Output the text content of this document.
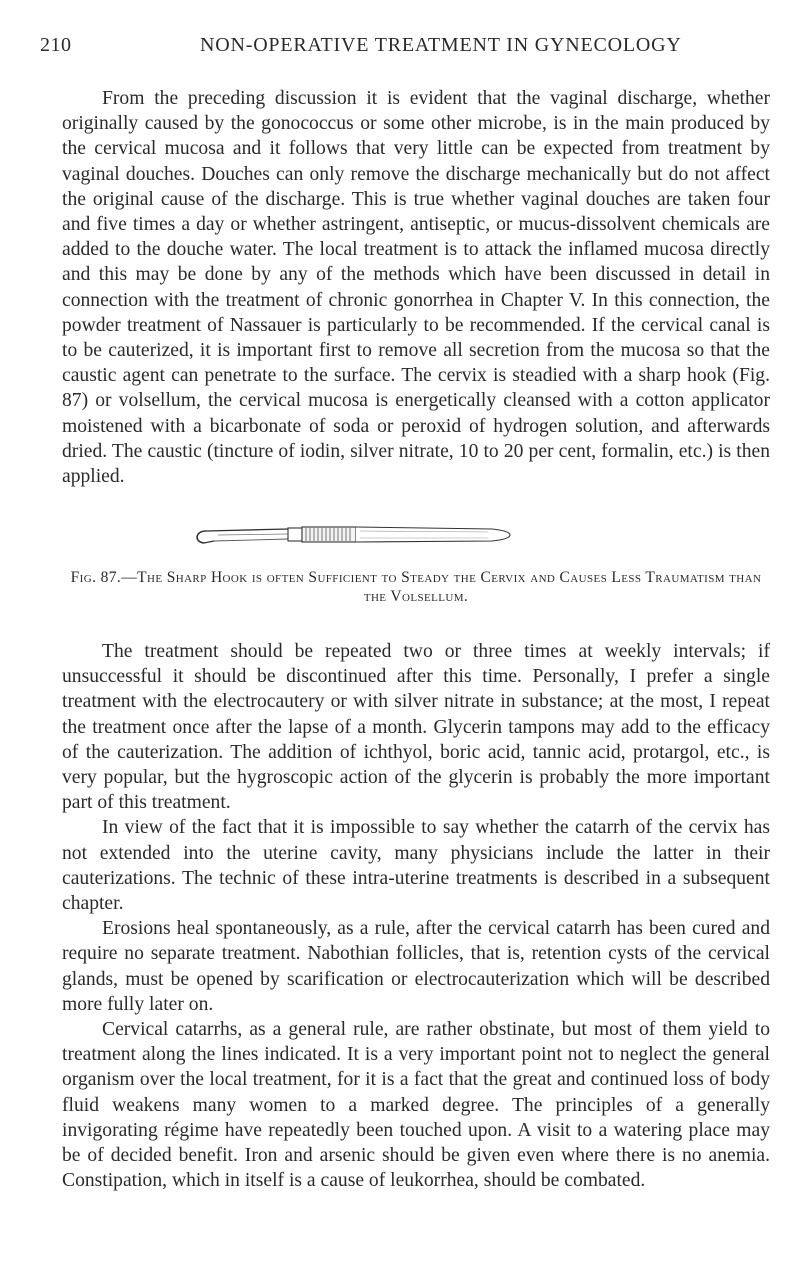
210	NON-OPERATIVE TREATMENT IN GYNECOLOGY

From the preceding discussion it is evident that the vaginal discharge, whether originally caused by the gonococcus or some other microbe, is in the main produced by the cervical mucosa and it follows that very little can be expected from treatment by vaginal douches. Douches can only remove the discharge mechanically but do not affect the original cause of the discharge. This is true whether vaginal douches are taken four and five times a day or whether astringent, antiseptic, or mucus-dissolvent chemicals are added to the douche water. The local treatment is to attack the inflamed mucosa directly and this may be done by any of the methods which have been discussed in detail in connection with the treatment of chronic gonorrhea in Chapter V. In this connection, the powder treatment of Nassauer is particularly to be recommended. If the cervical canal is to be cauterized, it is important first to remove all secretion from the mucosa so that the caustic agent can penetrate to the surface. The cervix is steadied with a sharp hook (Fig. 87) or volsellum, the cervical mucosa is energetically cleansed with a cotton applicator moistened with a bicarbonate of soda or peroxid of hydrogen solution, and afterwards dried. The caustic (tincture of iodin, silver nitrate, 10 to 20 per cent, formalin, etc.) is then applied.

Fig. 87.—The Sharp Hook is often Sufficient to Steady the Cervix and Causes Less Traumatism than the Volsellum.

The treatment should be repeated two or three times at weekly intervals; if unsuccessful it should be discontinued after this time. Personally, I prefer a single treatment with the electrocautery or with silver nitrate in substance; at the most, I repeat the treatment once after the lapse of a month. Glycerin tampons may add to the efficacy of the cauterization. The addition of ichthyol, boric acid, tannic acid, protargol, etc., is very popular, but the hygroscopic action of the glycerin is probably the more important part of this treatment.

In view of the fact that it is impossible to say whether the catarrh of the cervix has not extended into the uterine cavity, many physicians include the latter in their cauterizations. The technic of these intra-uterine treatments is described in a subsequent chapter.

Erosions heal spontaneously, as a rule, after the cervical catarrh has been cured and require no separate treatment. Nabothian follicles, that is, retention cysts of the cervical glands, must be opened by scarification or electrocauterization which will be described more fully later on.

Cervical catarrhs, as a general rule, are rather obstinate, but most of them yield to treatment along the lines indicated. It is a very important point not to neglect the general organism over the local treatment, for it is a fact that the great and continued loss of body fluid weakens many women to a marked degree. The principles of a generally invigorating régime have repeatedly been touched upon. A visit to a watering place may be of decided benefit. Iron and arsenic should be given even where there is no anemia. Constipation, which in itself is a cause of leukorrhea, should be combated.
